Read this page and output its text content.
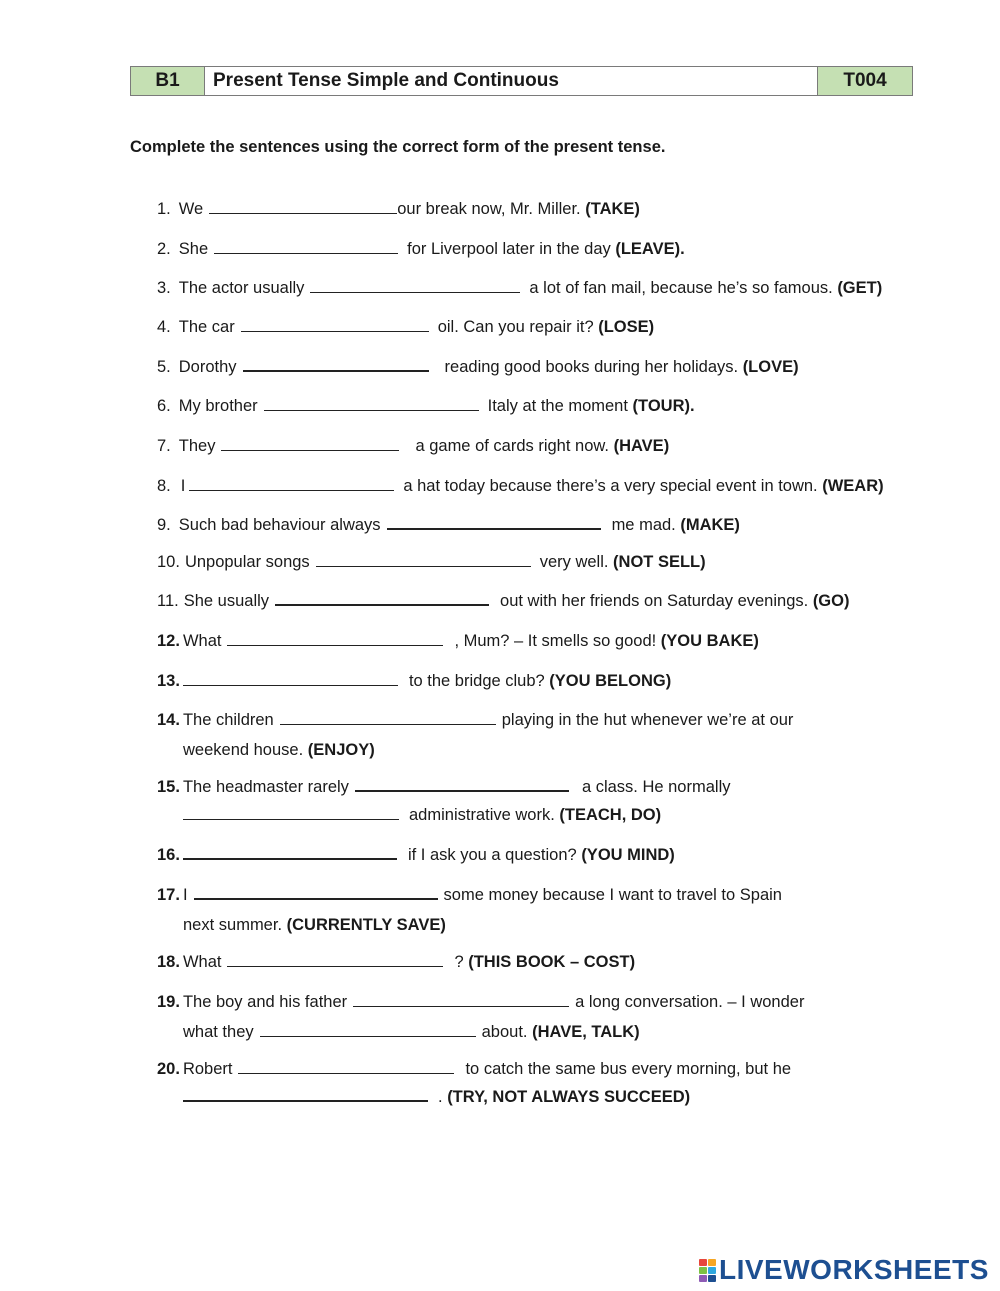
B1	Present Tense Simple and Continuous	T004
Complete the sentences using the correct form of the present tense.
1. We	our break now, Mr. Miller. (TAKE)
2. She	for Liverpool later in the day (LEAVE).
3. The actor usually	a lot of fan mail, because he’s so famous. (GET)
4. The car	oil. Can you repair it? (LOSE)
5. Dorothy	reading good books during her holidays. (LOVE)
6. My brother	Italy at the moment (TOUR).
7. They	a game of cards right now. (HAVE)
8. I	a hat today because there’s a very special event in town. (WEAR)
9. Such bad behaviour always	me mad. (MAKE)
10. Unpopular songs	very well. (NOT SELL)
11. She usually	out with her friends on Saturday evenings. (GO)
12. What	, Mum? – It smells so good! (YOU BAKE)
13.	to the bridge club? (YOU BELONG)
14. The children	playing in the hut whenever we’re at our
weekend house. (ENJOY)
15. The headmaster rarely	a class. He normally
administrative work. (TEACH, DO)
16.	if I ask you a question? (YOU MIND)
17. I	some money because I want to travel to Spain
next summer. (CURRENTLY SAVE)
18. What	? (THIS BOOK – COST)
19. The boy and his father	a long conversation. – I wonder
what they	about. (HAVE, TALK)
20. Robert	to catch the same bus every morning, but he
. (TRY, NOT ALWAYS SUCCEED)
LIVEWORKSHEETS
